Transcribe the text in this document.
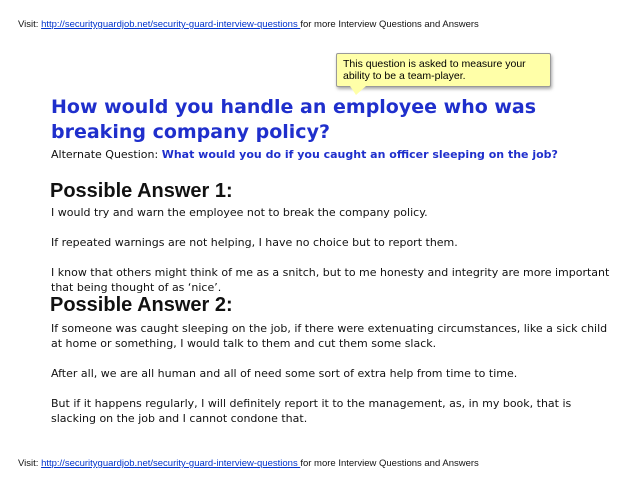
Visit: http://securityguardjob.net/security-guard-interview-questions for more Interview Questions and Answers
This question is asked to measure your ability to be a team-player.
How would you handle an employee who was breaking company policy?
Alternate Question: What would you do if you caught an officer sleeping on the job?
Possible Answer 1:
I would try and warn the employee not to break the company policy.
If repeated warnings are not helping, I have no choice but to report them.
I know that others might think of me as a snitch, but to me honesty and integrity are more important that being thought of as ‘nice’.
Possible Answer 2:
If someone was caught sleeping on the job, if there were extenuating circumstances, like a sick child at home or something, I would talk to them and cut them some slack.
After all, we are all human and all of need some sort of extra help from time to time.
But if it happens regularly, I will definitely report it to the management, as, in my book, that is slacking on the job and I cannot condone that.
Visit: http://securityguardjob.net/security-guard-interview-questions for more Interview Questions and Answers
